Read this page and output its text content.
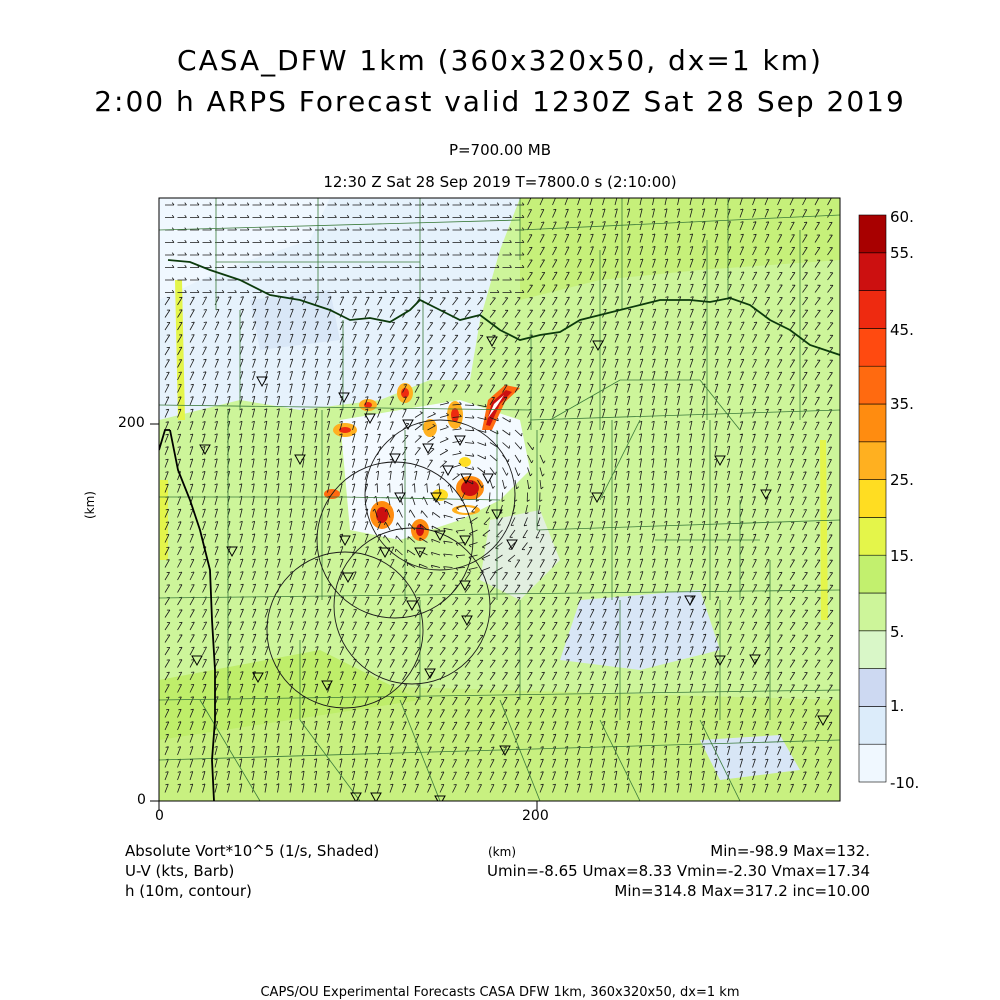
60.
55.
45.
35.
25.
15.
5.
1.
-10.
CASA_DFW 1km (360x320x50, dx=1 km)
2:00 h ARPS Forecast valid 1230Z Sat 28 Sep 2019
P=700.00 MB
12:30 Z Sat 28 Sep 2019 T=7800.0 s (2:10:00)
200
0
0	200
(km)
(km)
Absolute Vort*10^5 (1/s, Shaded)
U-V (kts, Barb)
h (10m, contour)
Min=-98.9 Max=132.
Umin=-8.65 Umax=8.33 Vmin=-2.30 Vmax=17.34
Min=314.8 Max=317.2 inc=10.00
CAPS/OU Experimental Forecasts CASA DFW 1km, 360x320x50, dx=1 km
